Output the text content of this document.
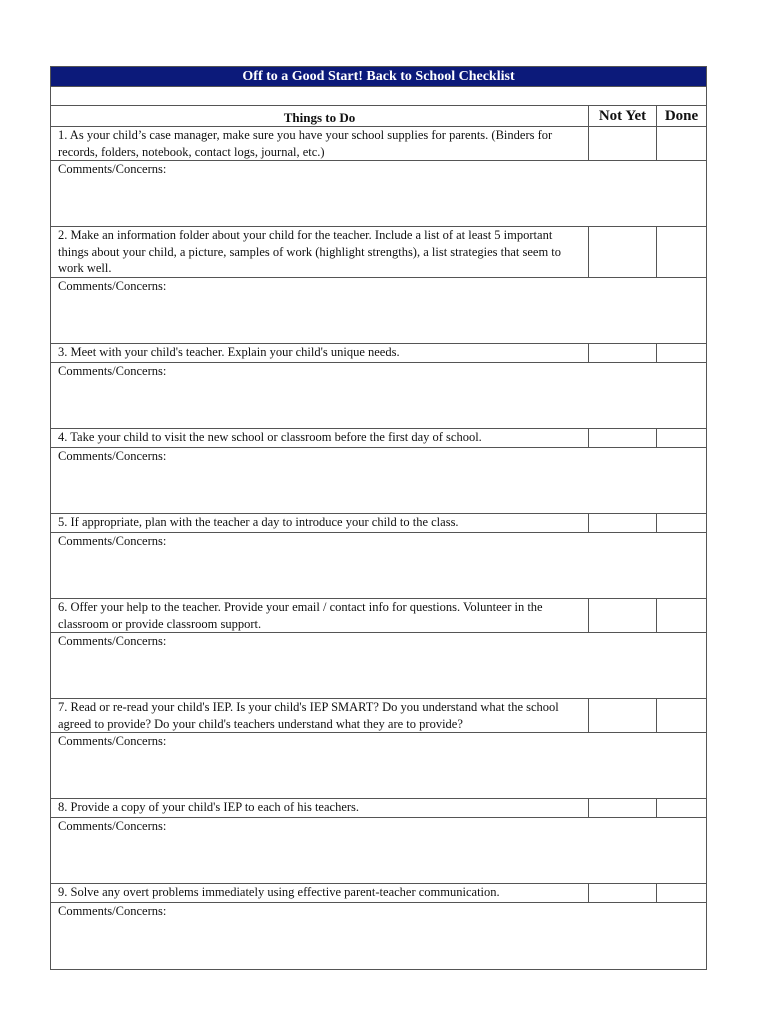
Off to a Good Start! Back to School Checklist
Things to Do	Not Yet	Done
1. As your child’s case manager, make sure you have your school supplies for parents. (Binders for records, folders, notebook, contact logs, journal, etc.)
Comments/Concerns:
2. Make an information folder about your child for the teacher. Include a list of at least 5 important things about your child, a picture, samples of work (highlight strengths), a list strategies that seem to work well.
Comments/Concerns:
3. Meet with your child's teacher. Explain your child's unique needs.
Comments/Concerns:
4. Take your child to visit the new school or classroom before the first day of school.
Comments/Concerns:
5. If appropriate, plan with the teacher a day to introduce your child to the class.
Comments/Concerns:
6. Offer your help to the teacher. Provide your email / contact info for questions. Volunteer in the classroom or provide classroom support.
Comments/Concerns:
7. Read or re-read your child's IEP. Is your child's IEP SMART? Do you understand what the school agreed to provide? Do your child's teachers understand what they are to provide?
Comments/Concerns:
8. Provide a copy of your child's IEP to each of his teachers.
Comments/Concerns:
9. Solve any overt problems immediately using effective parent-teacher communication.
Comments/Concerns:
